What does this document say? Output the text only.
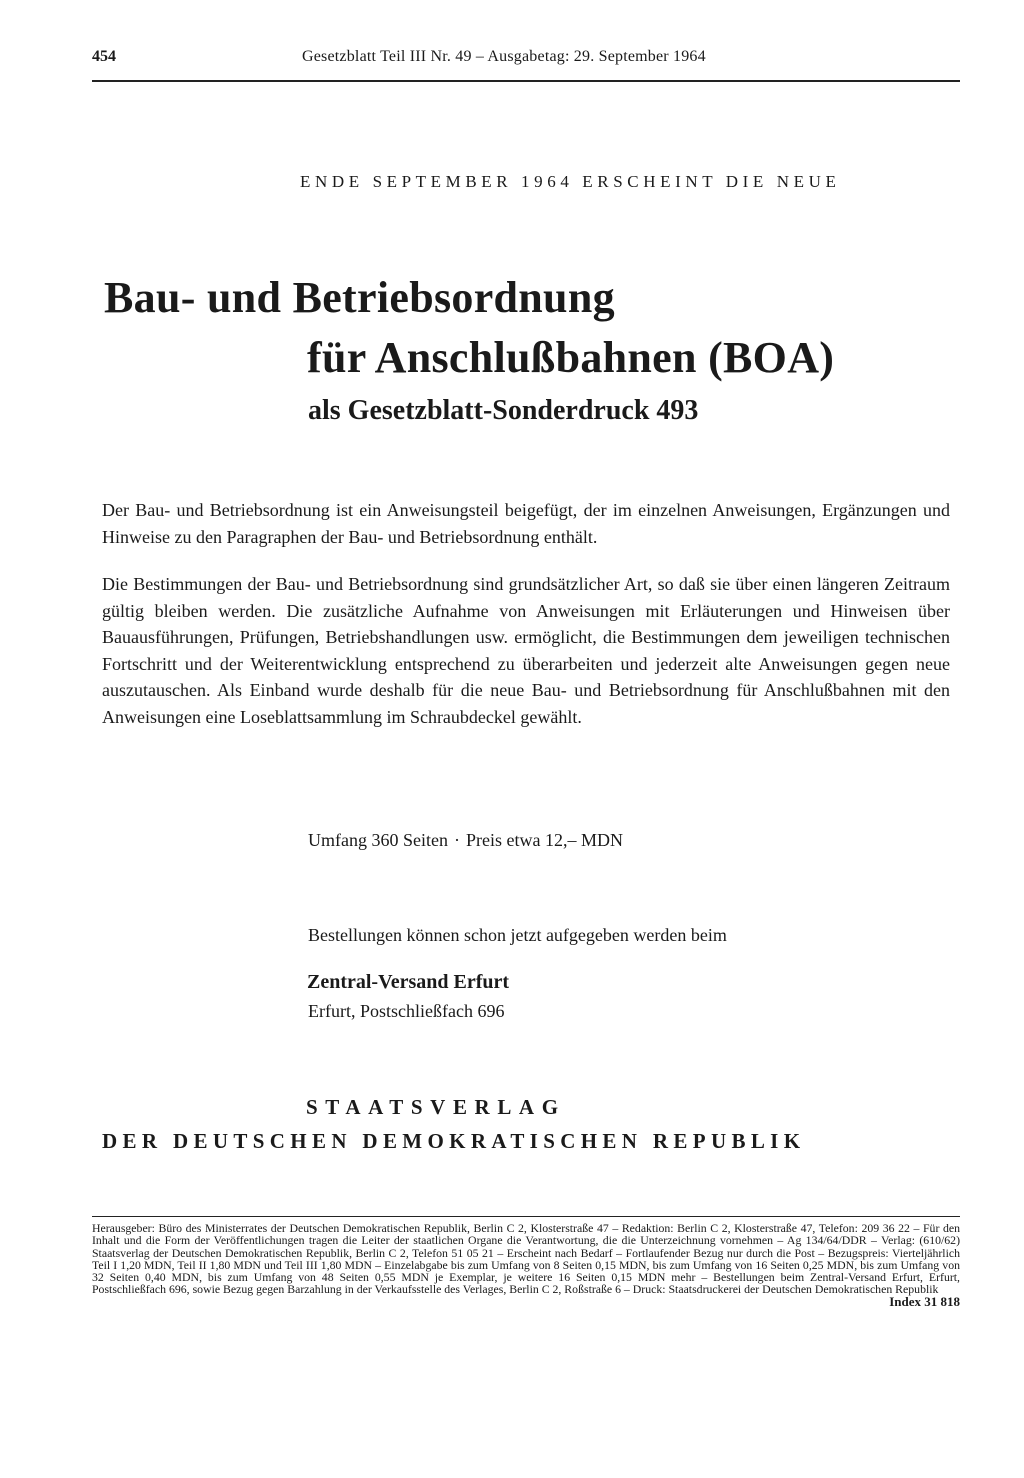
454	Gesetzblatt Teil III Nr. 49 – Ausgabetag: 29. September 1964
ENDE SEPTEMBER 1964 ERSCHEINT DIE NEUE
Bau- und Betriebsordnung
für Anschlußbahnen (BOA)
als Gesetzblatt-Sonderdruck 493

Der Bau- und Betriebsordnung ist ein Anweisungsteil beigefügt, der im einzelnen Anweisungen, Ergänzungen und Hinweise zu den Paragraphen der Bau- und Betriebsordnung enthält.

Die Bestimmungen der Bau- und Betriebsordnung sind grundsätzlicher Art, so daß sie über einen längeren Zeitraum gültig bleiben werden. Die zusätzliche Aufnahme von Anweisungen mit Erläuterungen und Hinweisen über Bauausführungen, Prüfungen, Betriebshandlungen usw. ermöglicht, die Bestimmungen dem jeweiligen technischen Fortschritt und der Weiterentwicklung entsprechend zu überarbeiten und jederzeit alte Anweisungen gegen neue auszutauschen. Als Einband wurde deshalb für die neue Bau- und Betriebsordnung für Anschlußbahnen mit den Anweisungen eine Loseblattsammlung im Schraubdeckel gewählt.

Umfang 360 Seiten · Preis etwa 12,– MDN
Bestellungen können schon jetzt aufgegeben werden beim
Zentral-Versand Erfurt
Erfurt, Postschließfach 696
STAATSVERLAG
DER DEUTSCHEN DEMOKRATISCHEN REPUBLIK
Herausgeber: Büro des Ministerrates der Deutschen Demokratischen Republik, Berlin C 2, Klosterstraße 47 – Redaktion: Berlin C 2, Klosterstraße 47, Telefon: 209 36 22 – Für den Inhalt und die Form der Veröffentlichungen tragen die Leiter der staatlichen Organe die Verantwortung, die die Unterzeichnung vornehmen – Ag 134/64/DDR – Verlag: (610/62) Staatsverlag der Deutschen Demokratischen Republik, Berlin C 2, Telefon 51 05 21 – Erscheint nach Bedarf – Fortlaufender Bezug nur durch die Post – Bezugspreis: Vierteljährlich Teil I 1,20 MDN, Teil II 1,80 MDN und Teil III 1,80 MDN – Einzelabgabe bis zum Umfang von 8 Seiten 0,15 MDN, bis zum Umfang von 16 Seiten 0,25 MDN, bis zum Umfang von 32 Seiten 0,40 MDN, bis zum Umfang von 48 Seiten 0,55 MDN je Exemplar, je weitere 16 Seiten 0,15 MDN mehr – Bestellungen beim Zentral-Versand Erfurt, Erfurt, Postschließfach 696, sowie Bezug gegen Barzahlung in der Verkaufsstelle des Verlages, Berlin C 2, Roßstraße 6 – Druck: Staatsdruckerei der Deutschen Demokratischen Republik
Index 31 818
